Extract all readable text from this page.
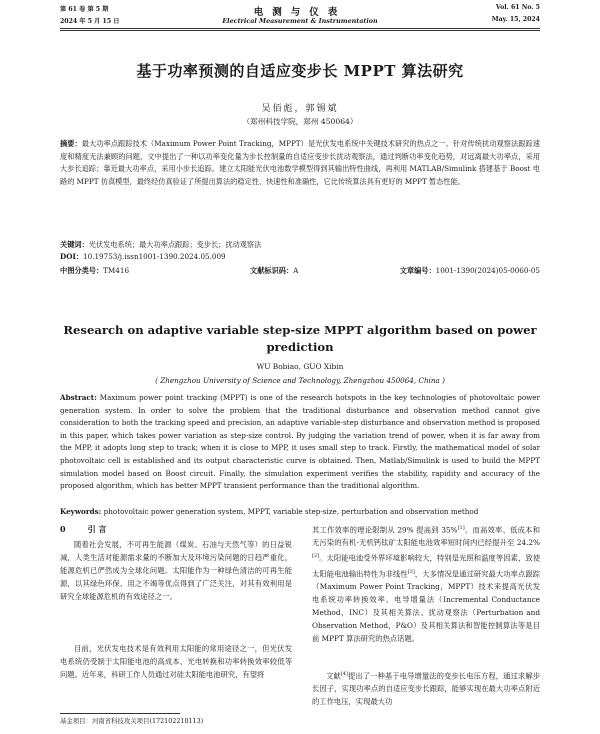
第 61 卷 第 5 期
2024 年 5 月 15 日
电测与仪表
Electrical Measurement & Instrumentation
Vol. 61 No. 5
May. 15, 2024
基于功率预测的自适应变步长 MPPT 算法研究
吴佰彪，郭锡斌
（郑州科技学院，郑州 450064）
摘要：最大功率点跟踪技术（Maximum Power Point Tracking，MPPT）是光伏发电系统中关键技术研究的热点之一。针对传统扰动观察法跟踪速度和精度无法兼顾的问题，文中提出了一种以功率变化量为步长控制量的自适应变步长扰动观察法，通过判断功率变化趋势，对远离最大功率点，采用大步长追踪；靠近最大功率点，采用小步长追踪。建立太阳能光伏电池数学模型得到其输出特性曲线，再利用 MATLAB/Simulink 搭建基于 Boost 电路的 MPPT 仿真模型，最终经仿真验证了所提出算法的稳定性、快速性和准确性，它比传统算法具有更好的 MPPT 暂态性能。
关键词：光伏发电系统；最大功率点跟踪；变步长；扰动观察法
DOI：10.19753/j.issn1001-1390.2024.05.009
中图分类号：TM416	文献标识码：A	文章编号：1001-1390(2024)05-0060-05
Research on adaptive variable step-size MPPT algorithm based on power prediction
WU Bobiao, GUO Xibin
( Zhengzhou University of Science and Technology, Zhengzhou 450064, China )
Abstract: Maximum power point tracking (MPPT) is one of the research hotspots in the key technologies of photovoltaic power generation system. In order to solve the problem that the traditional disturbance and observation method cannot give consideration to both the tracking speed and precision, an adaptive variable-step disturbance and observation method is proposed in this paper, which takes power variation as step-size control. By judging the variation trend of power, when it is far away from the MPP, it adopts long step to track; when it is close to MPP, it uses small step to track. Firstly, the mathematical model of solar photovoltaic cell is established and its output characteristic curve is obtained. Then, Matlab/Simulink is used to build the MPPT simulation model based on Boost circuit. Finally, the simulation experiment verifies the stability, rapidity and accuracy of the proposed algorithm, which has better MPPT transient performance than the traditional algorithm.
Keywords: photovoltaic power generation system, MPPT, variable step-size, perturbation and observation method
0	引 言
随着社会发展，不可再生能源（煤炭、石油与天然气等）的日益锐减，人类生活对能源需求量的不断加大及环境污染问题的日趋严重化，能源危机已俨然成为全球化问题。太阳能作为一种绿色清洁的可再生能源，以其绿色环保、用之不竭等优点得到了广泛关注，对其有效利用是研究全球能源危机的有效途径之一。
目前，光伏发电技术是有效利用太阳能的常用途径之一，但光伏发电系统仍受制于太阳能电池的高成本、光电转换和功率转换效率较低等问题。近年来，科研工作人员通过对硅太阳能电池研究，有望将
其工作效率的理论限制从 29% 提高到 35%[1]。而高效率、低成本和无污染的有机-无机钙钛矿太阳能电池效率短时间内已经提升至 24.2%[2]。太阳能电池受外界环境影响较大，特别是光照和温度等因素，致使太阳能电池输出特性为非线性[3]，大多情况是通过研究最大功率点跟踪（Maximum Power Point Tracking，MPPT）技术来提高光伏发电系统功率转换效率。电导增量法（Incremental Conductance Method，INC）及其相关算法、扰动观察法（Perturbation and Observation Method，P&O）及其相关算法和智能控制算法等是目前 MPPT 算法研究的热点话题。
文献[4]提出了一种基于电导增量法的变步长电压方程，通过求解步长因子，实现功率点的自适应变步长跟踪，能够实现在最大功率点附近的工作电压，实现最大功
基金项目：河南省科技攻关项目(172102210113)
